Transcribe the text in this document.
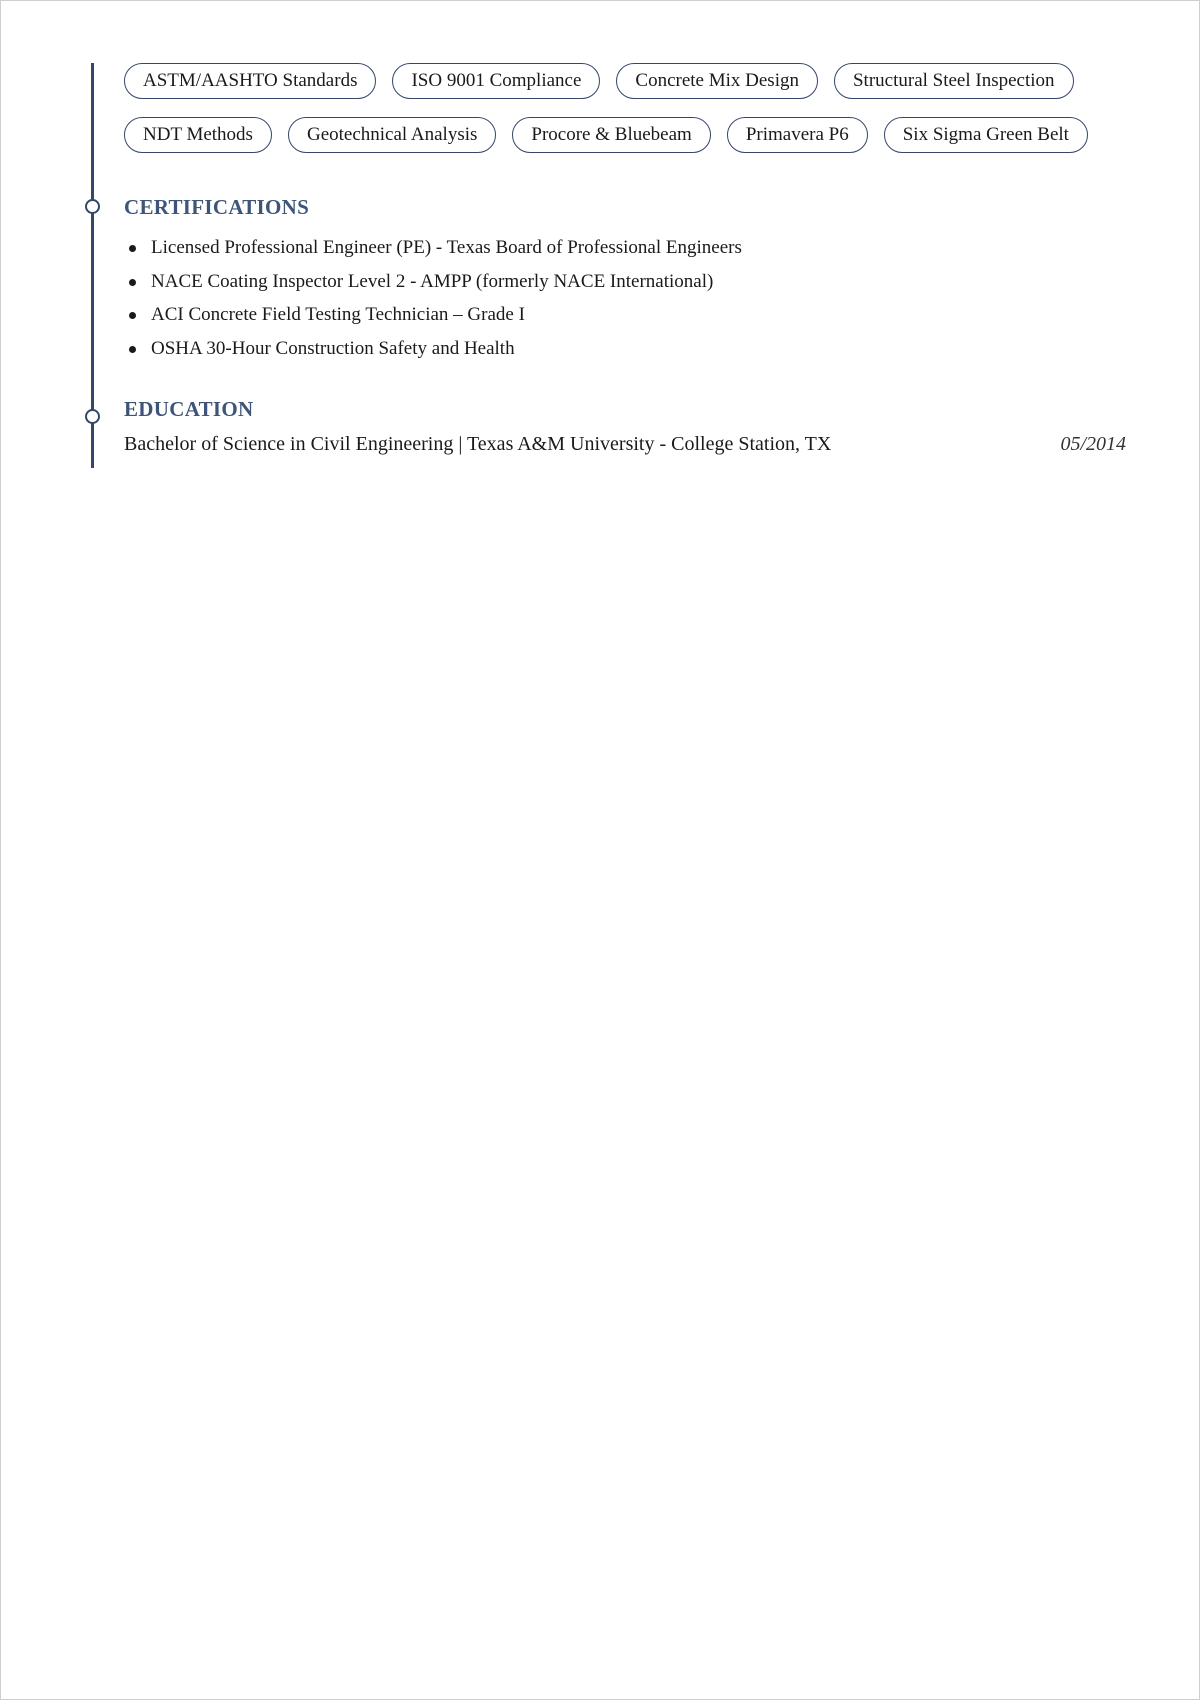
ASTM/AASHTO Standards	ISO 9001 Compliance	Concrete Mix Design	Structural Steel Inspection
NDT Methods	Geotechnical Analysis	Procore & Bluebeam	Primavera P6	Six Sigma Green Belt
CERTIFICATIONS
Licensed Professional Engineer (PE) - Texas Board of Professional Engineers
NACE Coating Inspector Level 2 - AMPP (formerly NACE International)
ACI Concrete Field Testing Technician – Grade I
OSHA 30-Hour Construction Safety and Health
EDUCATION
Bachelor of Science in Civil Engineering | Texas A&M University - College Station, TX	05/2014
